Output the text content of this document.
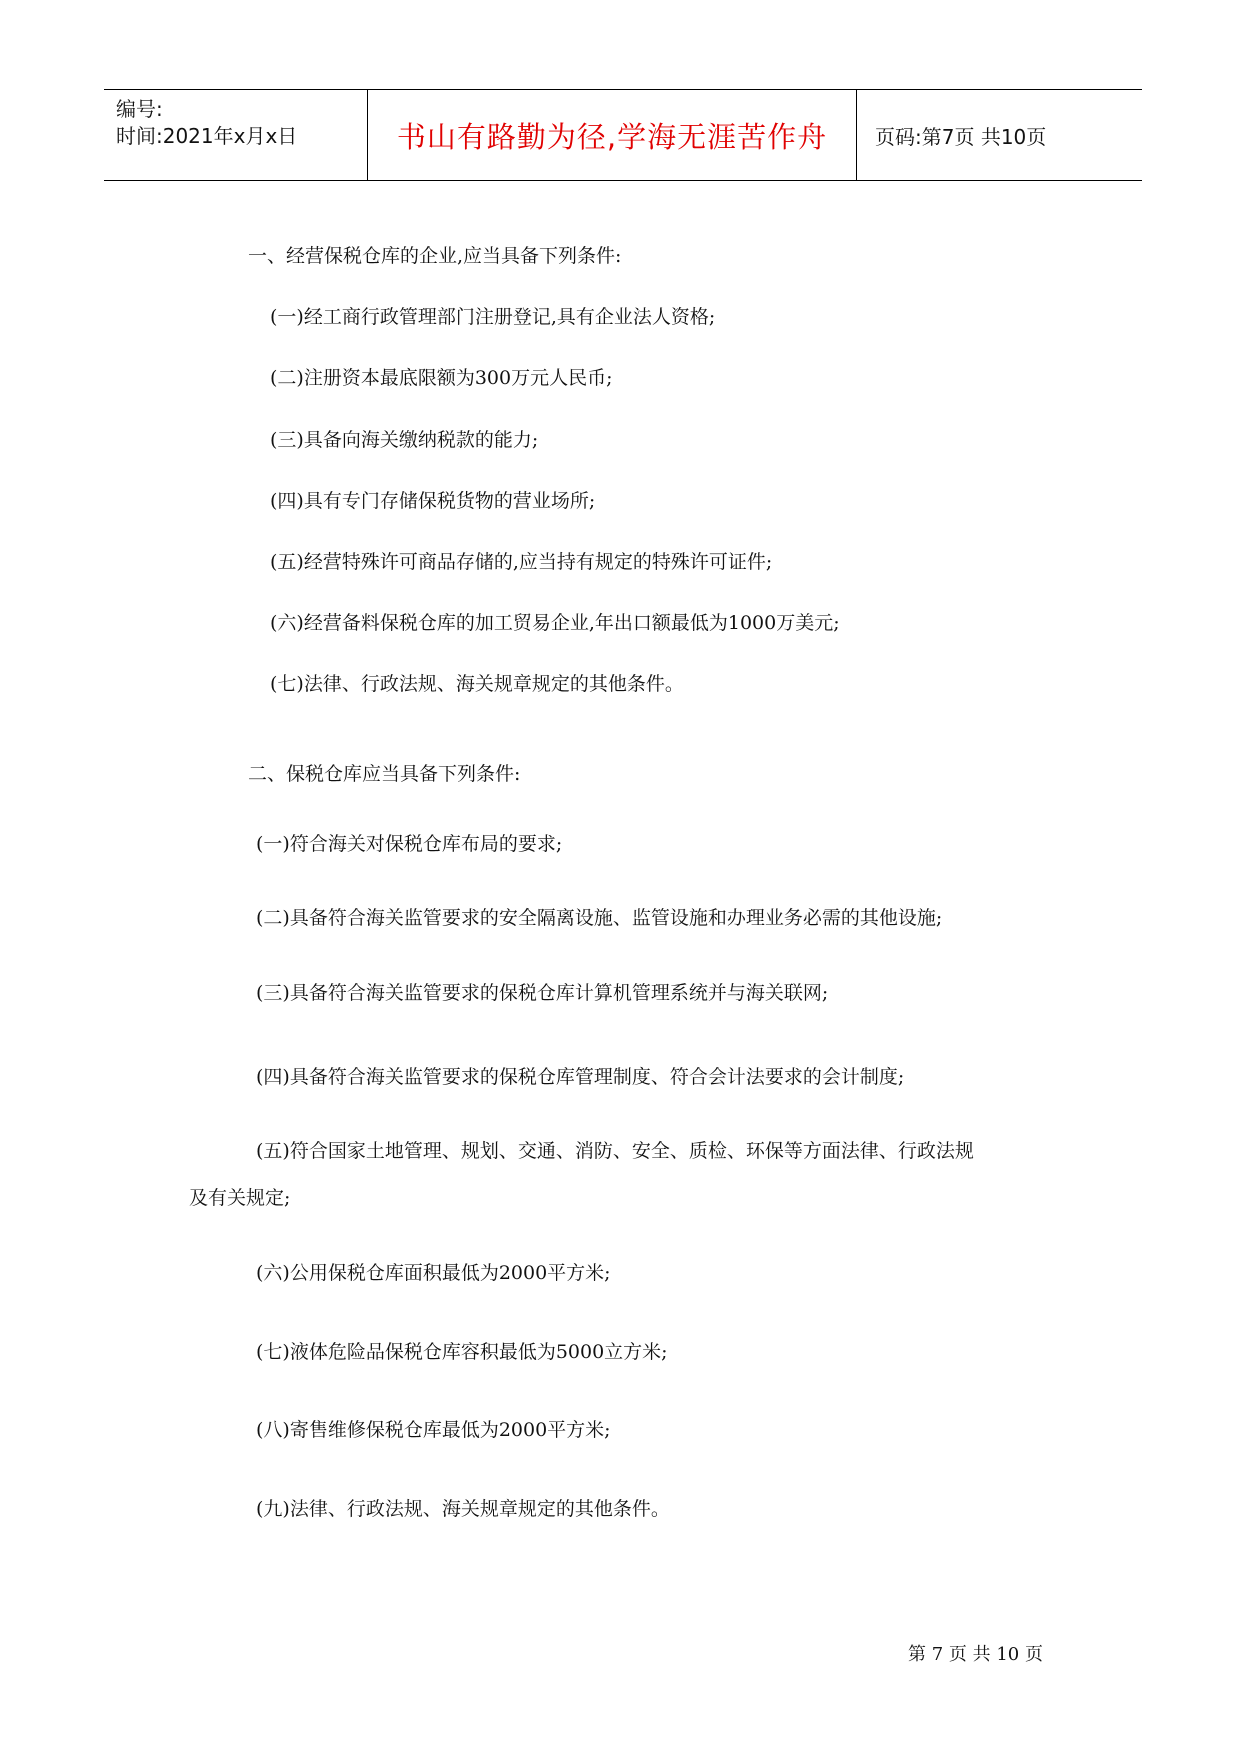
编号:
时间:2021年x月x日	书山有路勤为径,学海无涯苦作舟	页码:第7页 共10页
一、经营保税仓库的企业,应当具备下列条件:
(一)经工商行政管理部门注册登记,具有企业法人资格;
(二)注册资本最底限额为300万元人民币;
(三)具备向海关缴纳税款的能力;
(四)具有专门存储保税货物的营业场所;
(五)经营特殊许可商品存储的,应当持有规定的特殊许可证件;
(六)经营备料保税仓库的加工贸易企业,年出口额最低为1000万美元;
(七)法律、行政法规、海关规章规定的其他条件。
二、保税仓库应当具备下列条件:
(一)符合海关对保税仓库布局的要求;
(二)具备符合海关监管要求的安全隔离设施、监管设施和办理业务必需的其他设施;
(三)具备符合海关监管要求的保税仓库计算机管理系统并与海关联网;
(四)具备符合海关监管要求的保税仓库管理制度、符合会计法要求的会计制度;
(五)符合国家土地管理、规划、交通、消防、安全、质检、环保等方面法律、行政法规
及有关规定;
(六)公用保税仓库面积最低为2000平方米;
(七)液体危险品保税仓库容积最低为5000立方米;
(八)寄售维修保税仓库最低为2000平方米;
(九)法律、行政法规、海关规章规定的其他条件。
第 7 页 共 10 页
